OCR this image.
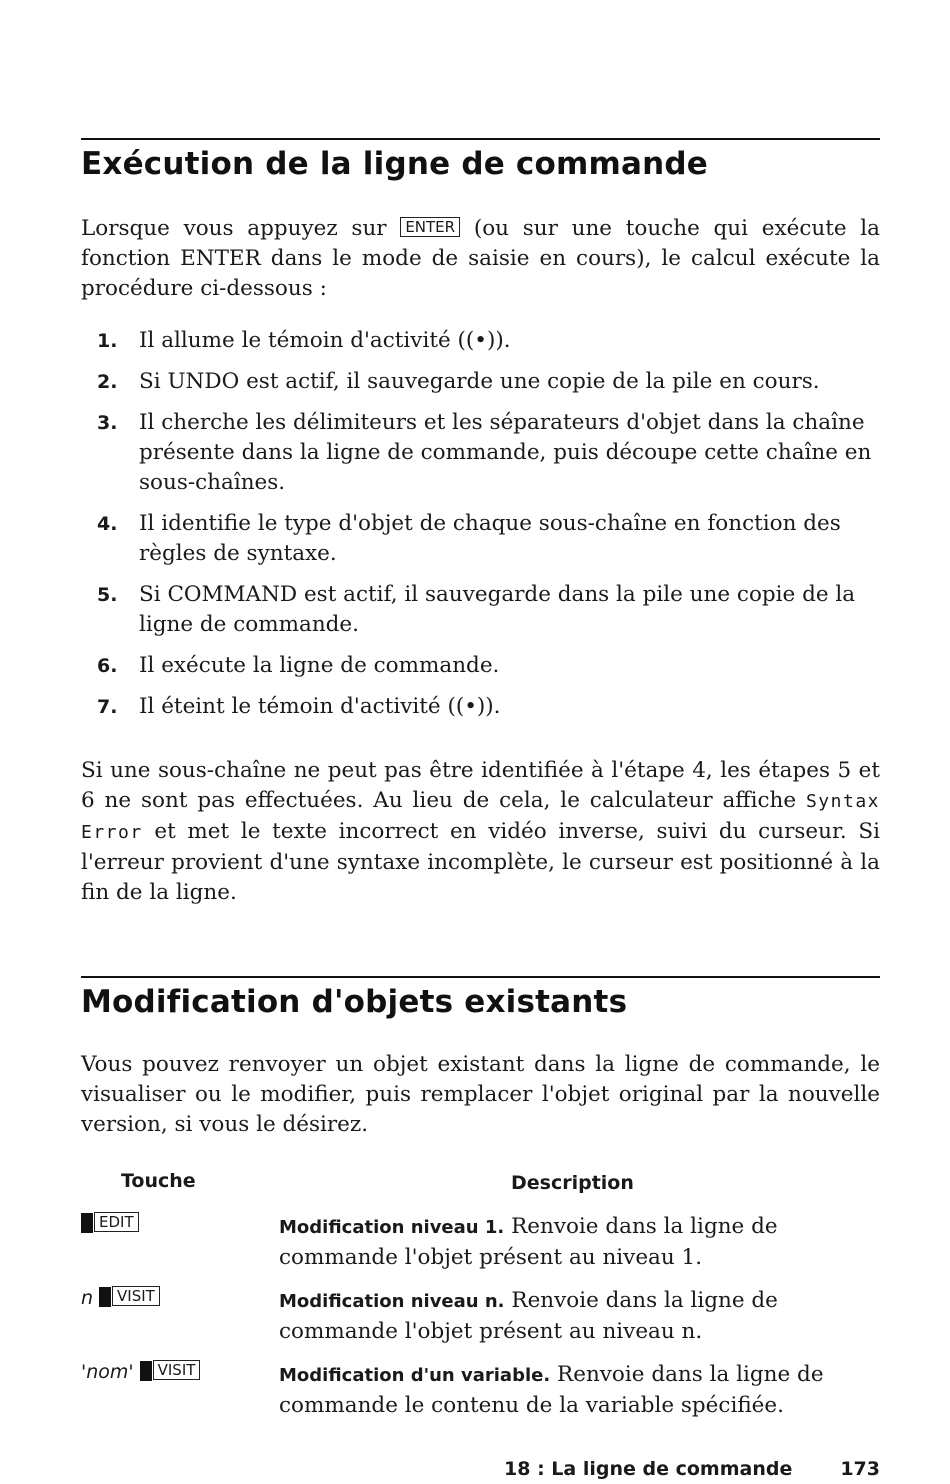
Exécution de la ligne de commande

Lorsque vous appuyez sur ENTER (ou sur une touche qui exécute la fonction ENTER dans le mode de saisie en cours), le calcul exécute la procédure ci-dessous :

1. Il allume le témoin d'activité ((•)).
2. Si UNDO est actif, il sauvegarde une copie de la pile en cours.
3. Il cherche les délimiteurs et les séparateurs d'objet dans la chaîne présente dans la ligne de commande, puis découpe cette chaîne en sous-chaînes.
4. Il identifie le type d'objet de chaque sous-chaîne en fonction des règles de syntaxe.
5. Si COMMAND est actif, il sauvegarde dans la pile une copie de la ligne de commande.
6. Il exécute la ligne de commande.
7. Il éteint le témoin d'activité ((•)).

Si une sous-chaîne ne peut pas être identifiée à l'étape 4, les étapes 5 et 6 ne sont pas effectuées. Au lieu de cela, le calculateur affiche Syntax Error et met le texte incorrect en vidéo inverse, suivi du curseur. Si l'erreur provient d'une syntaxe incomplète, le curseur est positionné à la fin de la ligne.

Modification d'objets existants

Vous pouvez renvoyer un objet existant dans la ligne de commande, le visualiser ou le modifier, puis remplacer l'objet original par la nouvelle version, si vous le désirez.

Touche	Description
EDIT	Modification niveau 1. Renvoie dans la ligne de commande l'objet présent au niveau 1.
n VISIT	Modification niveau n. Renvoie dans la ligne de commande l'objet présent au niveau n.
'nom' VISIT	Modification d'un variable. Renvoie dans la ligne de commande le contenu de la variable spécifiée.
18 : La ligne de commande	173
